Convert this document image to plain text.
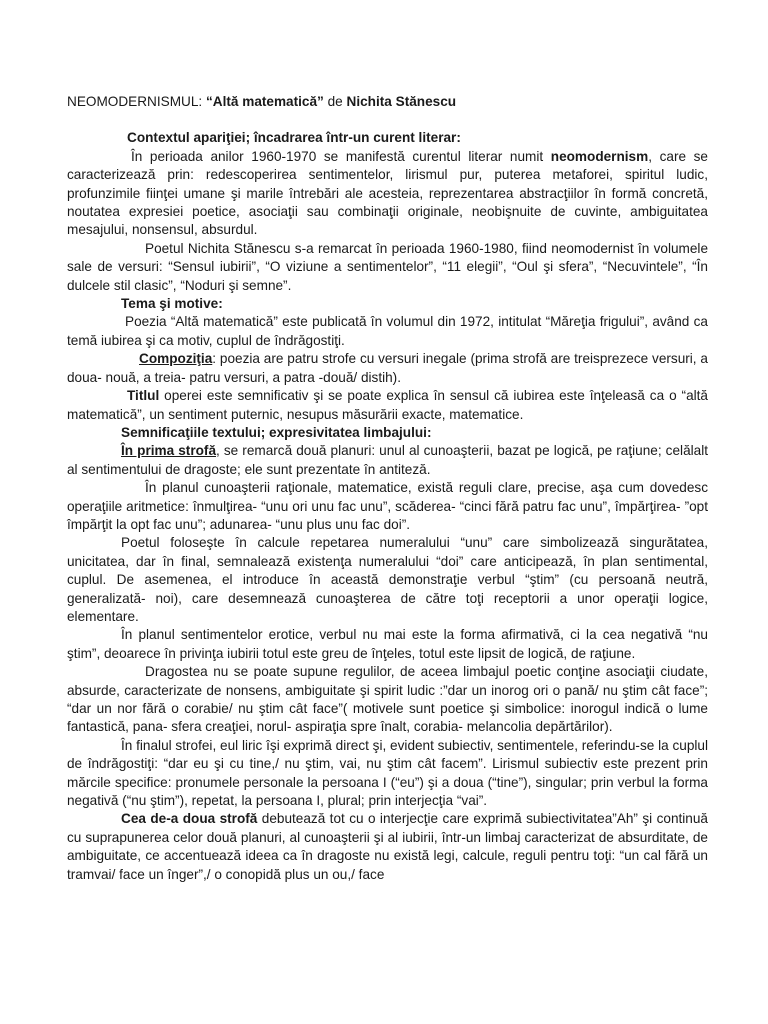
NEOMODERNISMUL: “Altă matematică” de Nichita Stănescu

Contextul apariţiei; încadrarea într-un curent literar:

În perioada anilor 1960-1970 se manifestă curentul literar numit neomodernism, care se caracterizează prin: redescoperirea sentimentelor, lirismul pur, puterea metaforei, spiritul ludic, profunzimile fiinţei umane şi marile întrebări ale acesteia, reprezentarea abstracţiilor în formă concretă, noutatea expresiei poetice, asociaţii sau combinaţii originale, neobişnuite de cuvinte, ambiguitatea mesajului, nonsensul, absurdul.

Poetul Nichita Stănescu s-a remarcat în perioada 1960-1980, fiind neomodernist în volumele sale de versuri: “Sensul iubirii”, “O viziune a sentimentelor”, “11 elegii”, “Oul şi sfera”, “Necuvintele”, “În dulcele stil clasic”, “Noduri şi semne”.

Tema şi motive:

Poezia “Altă matematică” este publicată în volumul din 1972, intitulat “Măreţia frigului”, având ca temă iubirea şi ca motiv, cuplul de îndrăgostiţi.

Compoziţia: poezia are patru strofe cu versuri inegale (prima strofă are treisprezece versuri, a doua- nouă, a treia- patru versuri, a patra -două/ distih).

Titlul operei este semnificativ şi se poate explica în sensul că iubirea este înţeleasă ca o “altă matematică”, un sentiment puternic, nesupus măsurării exacte, matematice.

Semnificaţiile textului; expresivitatea limbajului:

În prima strofă, se remarcă două planuri: unul al cunoaşterii, bazat pe logică, pe raţiune; celălalt al sentimentului de dragoste; ele sunt prezentate în antiteză.

În planul cunoaşterii raţionale, matematice, există reguli clare, precise, aşa cum dovedesc operaţiile aritmetice: înmulţirea- “unu ori unu fac unu”, scăderea- “cinci fără patru fac unu”, împărţirea- ”opt împărţit la opt fac unu”; adunarea- “unu plus unu fac doi”.

Poetul foloseşte în calcule repetarea numeralului “unu” care simbolizează singurătatea, unicitatea, dar în final, semnalează existenţa numeralului “doi” care anticipează, în plan sentimental, cuplul. De asemenea, el introduce în această demonstraţie verbul “ştim” (cu persoană neutră, generalizată- noi), care desemnează cunoaşterea de către toţi receptorii a unor operaţii logice, elementare.

În planul sentimentelor erotice, verbul nu mai este la forma afirmativă, ci la cea negativă “nu ştim”, deoarece în privinţa iubirii totul este greu de înţeles, totul este lipsit de logică, de raţiune.

Dragostea nu se poate supune regulilor, de aceea limbajul poetic conţine asociaţii ciudate, absurde, caracterizate de nonsens, ambiguitate şi spirit ludic :”dar un inorog ori o pană/ nu ştim cât face”; “dar un nor fără o corabie/ nu ştim cât face”( motivele sunt poetice şi simbolice: inorogul indică o lume fantastică, pana- sfera creaţiei, norul- aspiraţia spre înalt, corabia- melancolia depărtărilor).

În finalul strofei, eul liric îşi exprimă direct şi, evident subiectiv, sentimentele, referindu-se la cuplul de îndrăgostiţi: “dar eu şi cu tine,/ nu ştim, vai, nu ştim cât facem”. Lirismul subiectiv este prezent prin mărcile specifice: pronumele personale la persoana I (“eu”) şi a doua (“tine”), singular; prin verbul la forma negativă (“nu ştim”), repetat, la persoana I, plural; prin interjecţia “vai”.

Cea de-a doua strofă debutează tot cu o interjecţie care exprimă subiectivitatea”Ah” şi continuă cu suprapunerea celor două planuri, al cunoaşterii şi al iubirii, într-un limbaj caracterizat de absurditate, de ambiguitate, ce accentuează ideea ca în dragoste nu există legi, calcule, reguli pentru toţi: “un cal fără un tramvai/ face un înger”,/ o conopidă plus un ou,/ face
